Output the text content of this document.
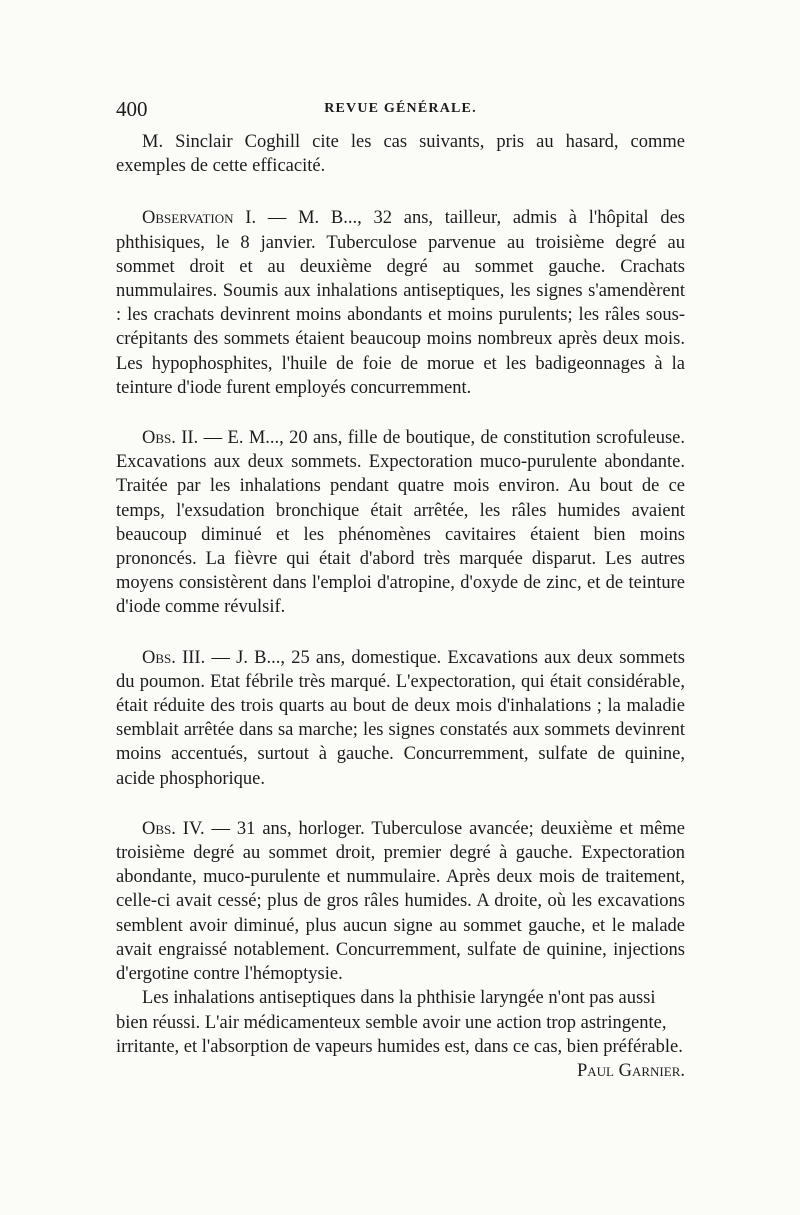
400	REVUE GÉNÉRALE.

M. Sinclair Coghill cite les cas suivants, pris au hasard, comme exemples de cette efficacité.

Observation I. — M. B..., 32 ans, tailleur, admis à l'hôpital des phthisiques, le 8 janvier. Tuberculose parvenue au troisième degré au sommet droit et au deuxième degré au sommet gauche. Crachats nummulaires. Soumis aux inhalations antiseptiques, les signes s'amendèrent : les crachats devinrent moins abondants et moins purulents; les râles sous-crépitants des sommets étaient beaucoup moins nombreux après deux mois. Les hypophosphites, l'huile de foie de morue et les badigeonnages à la teinture d'iode furent employés concurremment.

Obs. II. — E. M..., 20 ans, fille de boutique, de constitution scrofuleuse. Excavations aux deux sommets. Expectoration muco-purulente abondante. Traitée par les inhalations pendant quatre mois environ. Au bout de ce temps, l'exsudation bronchique était arrêtée, les râles humides avaient beaucoup diminué et les phénomènes cavitaires étaient bien moins prononcés. La fièvre qui était d'abord très marquée disparut. Les autres moyens consistèrent dans l'emploi d'atropine, d'oxyde de zinc, et de teinture d'iode comme révulsif.

Obs. III. — J. B..., 25 ans, domestique. Excavations aux deux sommets du poumon. Etat fébrile très marqué. L'expectoration, qui était considérable, était réduite des trois quarts au bout de deux mois d'inhalations ; la maladie semblait arrêtée dans sa marche; les signes constatés aux sommets devinrent moins accentués, surtout à gauche. Concurremment, sulfate de quinine, acide phosphorique.

Obs. IV. — 31 ans, horloger. Tuberculose avancée; deuxième et même troisième degré au sommet droit, premier degré à gauche. Expectoration abondante, muco-purulente et nummulaire. Après deux mois de traitement, celle-ci avait cessé; plus de gros râles humides. A droite, où les excavations semblent avoir diminué, plus aucun signe au sommet gauche, et le malade avait engraissé notablement. Concurremment, sulfate de quinine, injections d'ergotine contre l'hémoptysie.

Les inhalations antiseptiques dans la phthisie laryngée n'ont pas aussi bien réussi. L'air médicamenteux semble avoir une action trop astringente, irritante, et l'absorption de vapeurs humides est, dans ce cas, bien préférable.
Paul Garnier.
